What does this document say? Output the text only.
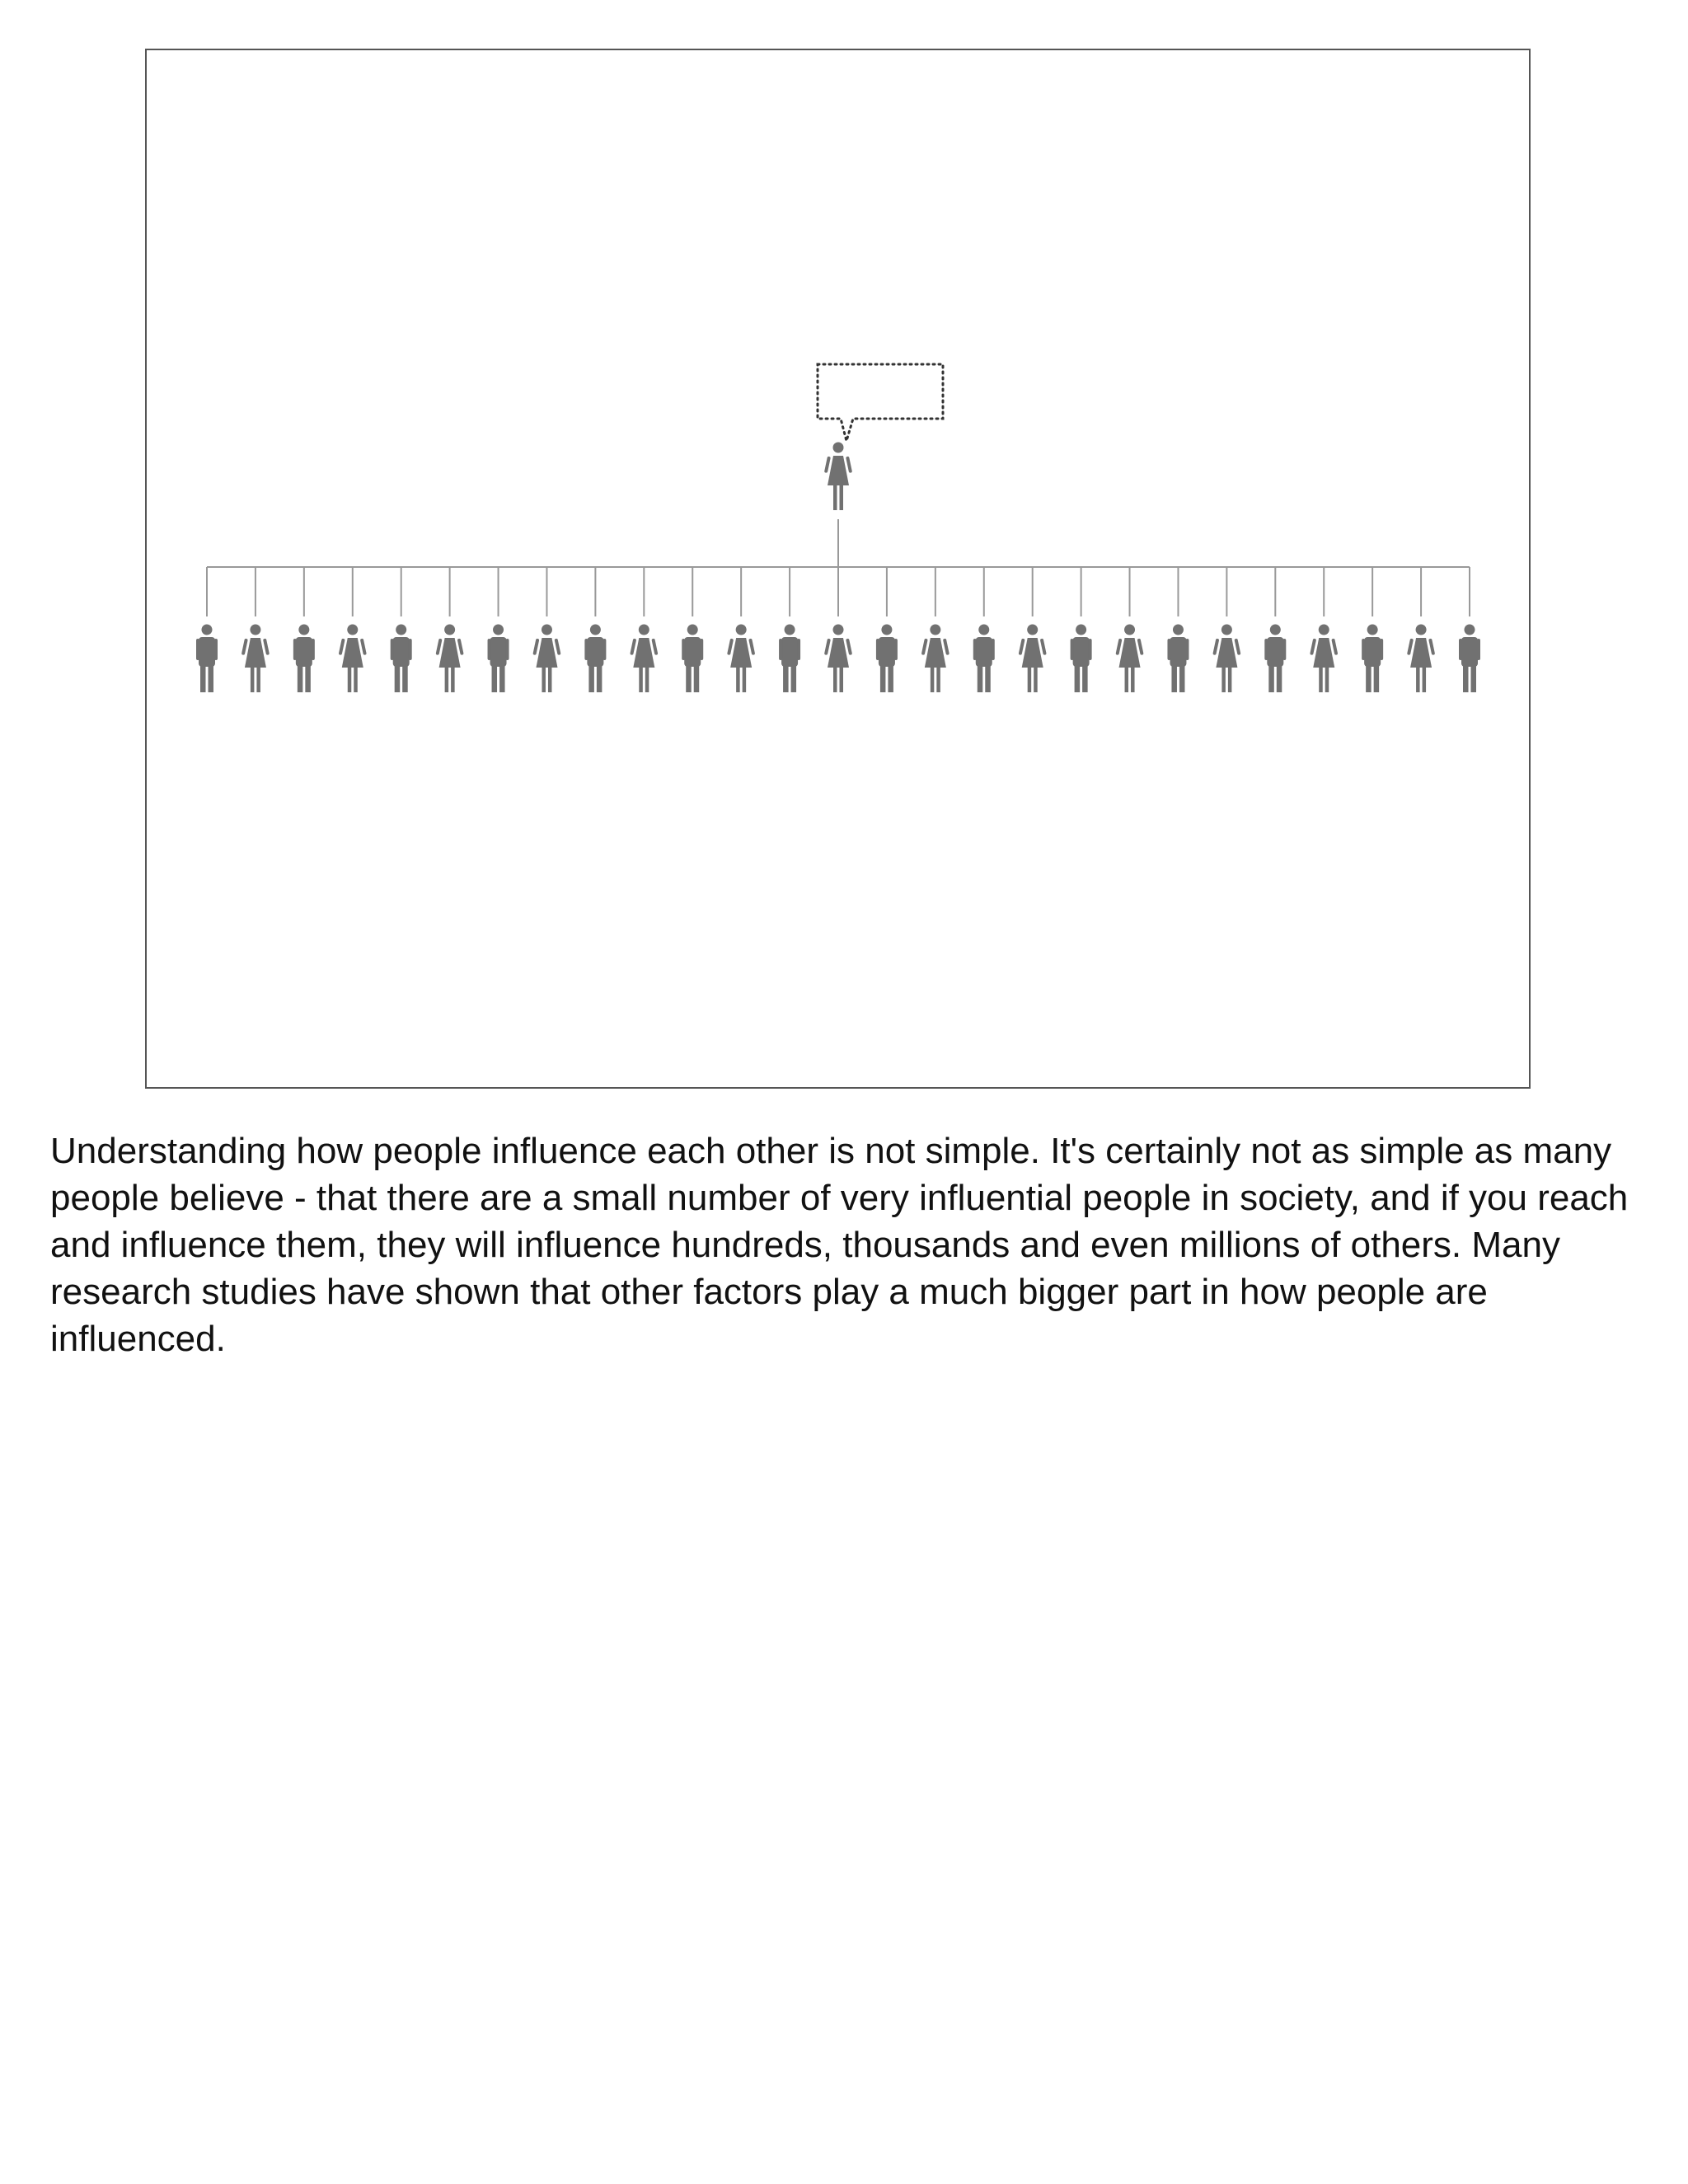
Understanding how people influence each other is not simple. It's certainly not as simple as many people believe - that there are a small number of very influential people in society, and if you reach and influence them, they will influence hundreds, thousands and even millions of others. Many research studies have shown that other factors play a much bigger part in how people are influenced.
